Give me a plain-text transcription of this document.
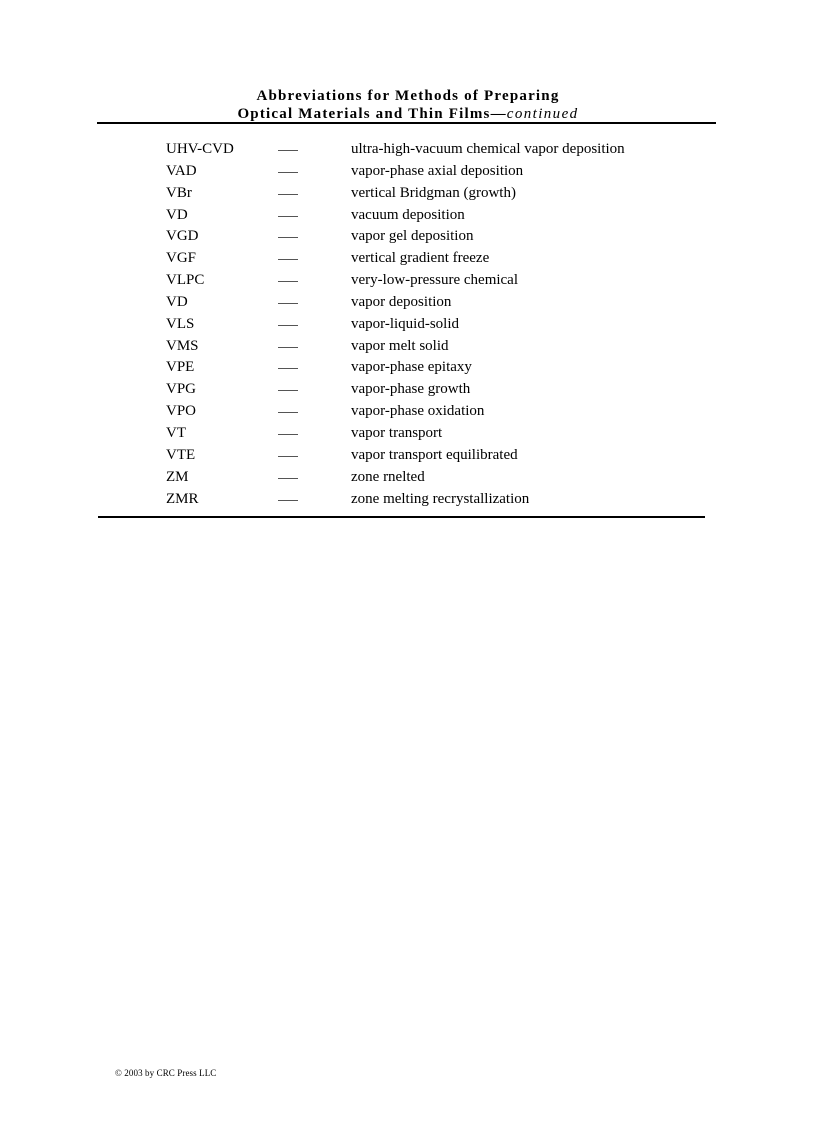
Abbreviations for Methods of Preparing

Optical Materials and Thin Films—continued

UHV-CVD	ultra-high-vacuum chemical vapor deposition
VAD	vapor-phase axial deposition
VBr	vertical Bridgman (growth)
VD	vacuum deposition
VGD	vapor gel deposition
VGF	vertical gradient freeze
VLPC	very-low-pressure chemical
VD	vapor deposition
VLS	vapor-liquid-solid
VMS	vapor melt solid
VPE	vapor-phase epitaxy
VPG	vapor-phase growth
VPO	vapor-phase oxidation
VT	vapor transport
VTE	vapor transport equilibrated
ZM	zone rnelted
ZMR	zone melting recrystallization
© 2003 by CRC Press LLC
